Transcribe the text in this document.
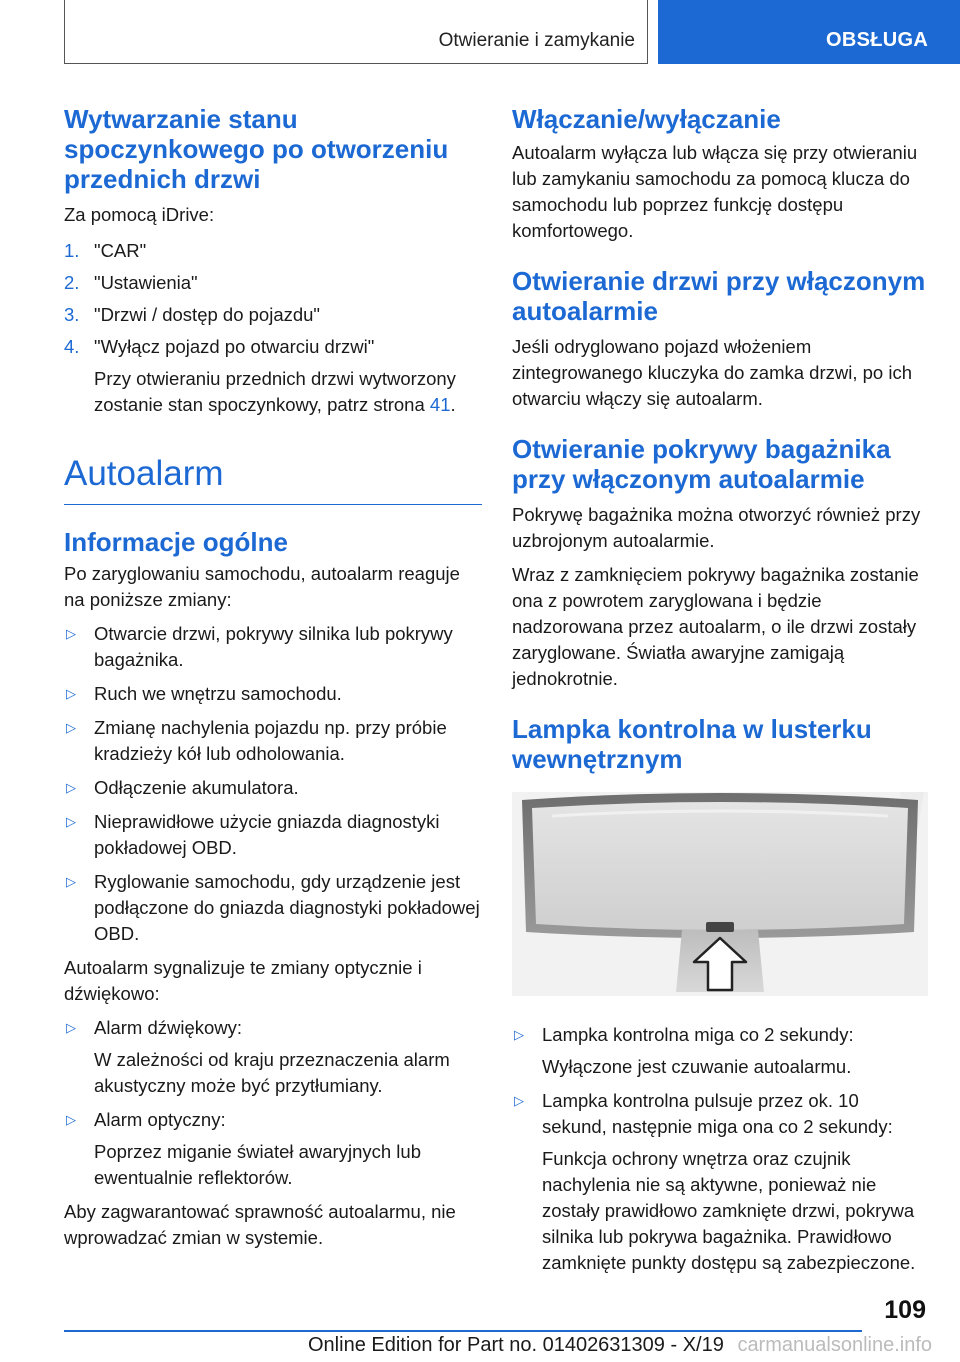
Otwieranie i zamykanie	OBSŁUGA
Wytwarzanie stanu spoczynkowego po otworzeniu przednich drzwi

Za pomocą iDrive:

1. "CAR"
2. "Ustawienia"
3. "Drzwi / dostęp do pojazdu"
4. "Wyłącz pojazd po otwarciu drzwi"
Przy otwieraniu przednich drzwi wytworzony zostanie stan spoczynkowy, patrz strona 41.
Autoalarm
Informacje ogólne

Po zaryglowaniu samochodu, autoalarm reaguje na poniższe zmiany:

▷ Otwarcie drzwi, pokrywy silnika lub pokrywy bagażnika.
▷ Ruch we wnętrzu samochodu.
▷ Zmianę nachylenia pojazdu np. przy próbie kradzieży kół lub odholowania.
▷ Odłączenie akumulatora.
▷ Nieprawidłowe użycie gniazda diagnostyki pokładowej OBD.
▷ Ryglowanie samochodu, gdy urządzenie jest podłączone do gniazda diagnostyki pokładowej OBD.

Autoalarm sygnalizuje te zmiany optycznie i dźwiękowo:

▷ Alarm dźwiękowy:
W zależności od kraju przeznaczenia alarm akustyczny może być przytłumiany.
▷ Alarm optyczny:
Poprzez miganie świateł awaryjnych lub ewentualnie reflektorów.

Aby zagwarantować sprawność autoalarmu, nie wprowadzać zmian w systemie.

Włączanie/wyłączanie

Autoalarm wyłącza lub włącza się przy otwieraniu lub zamykaniu samochodu za pomocą klucza do samochodu lub poprzez funkcję dostępu komfortowego.

Otwieranie drzwi przy włączonym autoalarmie

Jeśli odryglowano pojazd włożeniem zintegrowanego kluczyka do zamka drzwi, po ich otwarciu włączy się autoalarm.

Otwieranie pokrywy bagażnika przy włączonym autoalarmie

Pokrywę bagażnika można otworzyć również przy uzbrojonym autoalarmie.

Wraz z zamknięciem pokrywy bagażnika zostanie ona z powrotem zaryglowana i będzie nadzorowana przez autoalarm, o ile drzwi zostały zaryglowane. Światła awaryjne zamigają jednokrotnie.

Lampka kontrolna w lusterku wewnętrznym
▷ Lampka kontrolna miga co 2 sekundy:
Wyłączone jest czuwanie autoalarmu.
▷ Lampka kontrolna pulsuje przez ok. 10 sekund, następnie miga ona co 2 sekundy:
Funkcja ochrony wnętrza oraz czujnik nachylenia nie są aktywne, ponieważ nie zostały prawidłowo zamknięte drzwi, pokrywa silnika lub pokrywa bagażnika. Prawidłowo zamknięte punkty dostępu są zabezpieczone.
109
Online Edition for Part no. 01402631309 - X/19 carmanualsonline.info
